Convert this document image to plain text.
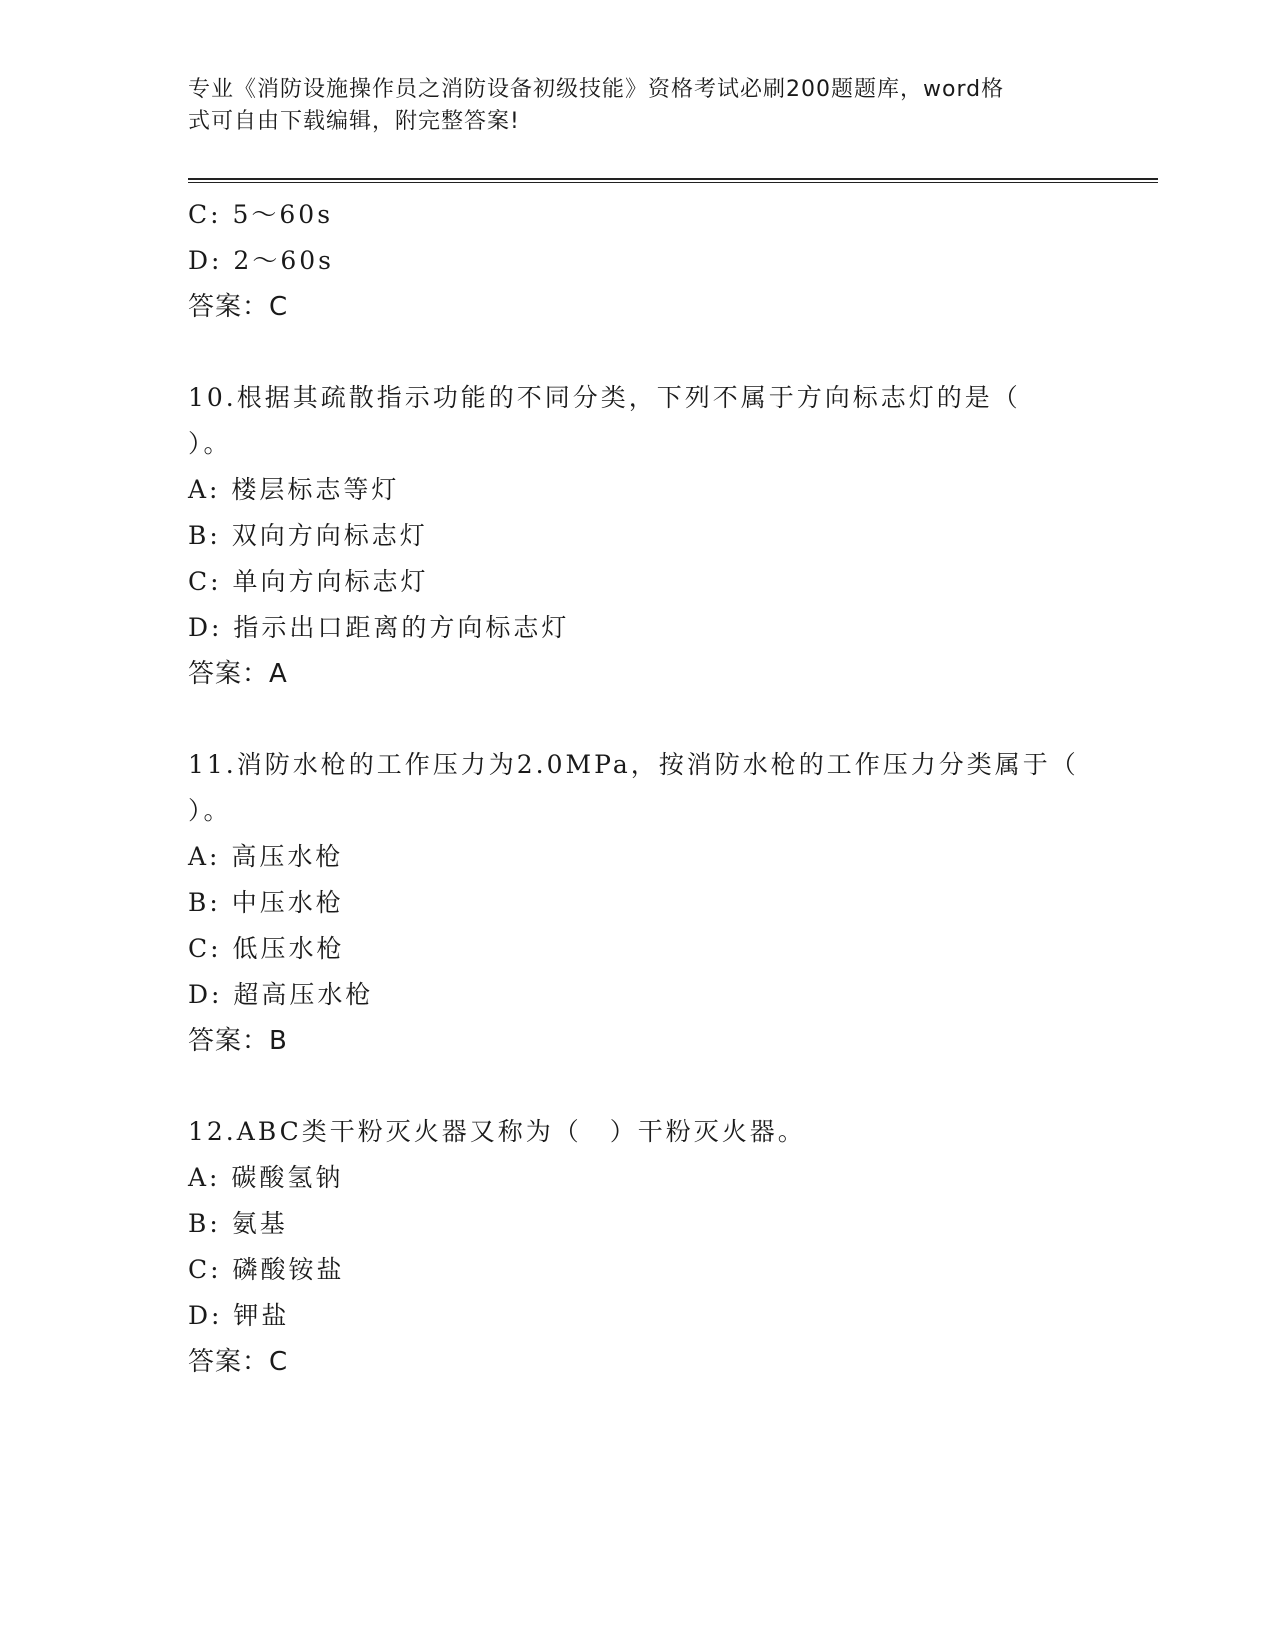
专业《消防设施操作员之消防设备初级技能》资格考试必刷200题题库，word格
式可自由下载编辑，附完整答案!
C: 5～60s
D: 2～60s
答案：C
10.根据其疏散指示功能的不同分类，下列不属于方向标志灯的是（
）。
A: 楼层标志等灯
B: 双向方向标志灯
C: 单向方向标志灯
D: 指示出口距离的方向标志灯
答案：A
11.消防水枪的工作压力为2.0MPa，按消防水枪的工作压力分类属于（
）。
A: 高压水枪
B: 中压水枪
C: 低压水枪
D: 超高压水枪
答案：B
12.ABC类干粉灭火器又称为（　）干粉灭火器。
A: 碳酸氢钠
B: 氨基
C: 磷酸铵盐
D: 钾盐
答案：C
